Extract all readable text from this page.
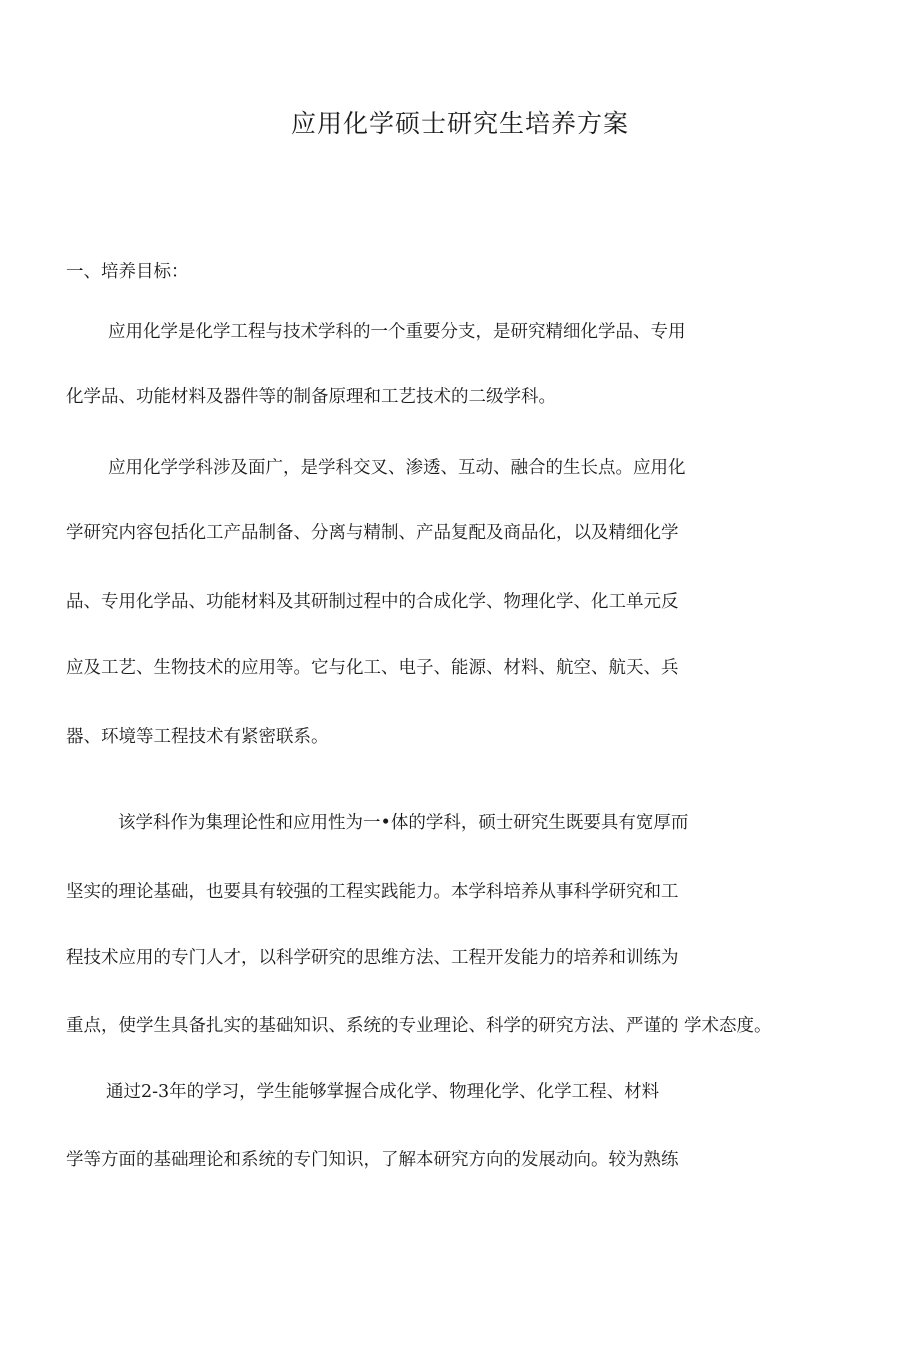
应用化学硕士研究生培养方案
一、培养目标：
应用化学是化学工程与技术学科的一个重要分支，是研究精细化学品、专用
化学品、功能材料及器件等的制备原理和工艺技术的二级学科。
应用化学学科涉及面广，是学科交叉、渗透、互动、融合的生长点。应用化
学研究内容包括化工产品制备、分离与精制、产品复配及商品化，以及精细化学
品、专用化学品、功能材料及其研制过程中的合成化学、物理化学、化工单元反
应及工艺、生物技术的应用等。它与化工、电子、能源、材料、航空、航天、兵
器、环境等工程技术有紧密联系。
该学科作为集理论性和应用性为一•体的学科，硕士研究生既要具有宽厚而
坚实的理论基础，也要具有较强的工程实践能力。本学科培养从事科学研究和工
程技术应用的专门人才，以科学研究的思维方法、工程开发能力的培养和训练为
重点，使学生具备扎实的基础知识、系统的专业理论、科学的研究方法、严谨的 学术态度。
通过2-3年的学习，学生能够掌握合成化学、物理化学、化学工程、材料
学等方面的基础理论和系统的专门知识，了解本研究方向的发展动向。较为熟练
